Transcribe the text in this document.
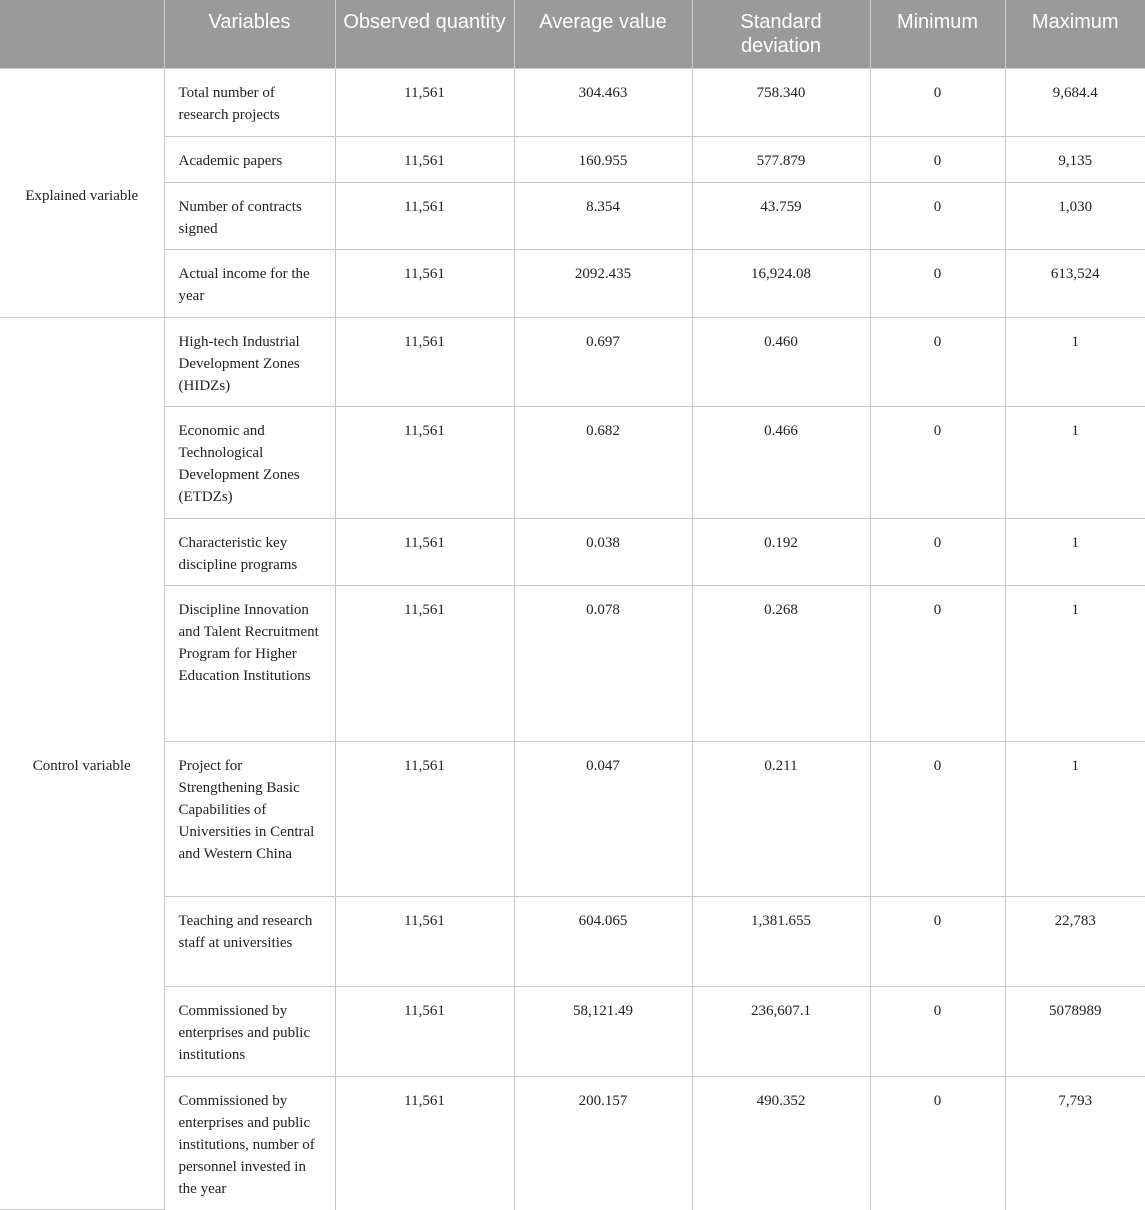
	Variables	Observed quantity	Average value	Standard deviation	Minimum	Maximum
Explained variable	Total number of research projects	11,561	304.463	758.340	0	9,684.4
	Academic papers	11,561	160.955	577.879	0	9,135
	Number of contracts signed	11,561	8.354	43.759	0	1,030
	Actual income for the year	11,561	2092.435	16,924.08	0	613,524
Control variable	High-tech Industrial Development Zones (HIDZs)	11,561	0.697	0.460	0	1
	Economic and Technological Development Zones (ETDZs)	11,561	0.682	0.466	0	1
	Characteristic key discipline programs	11,561	0.038	0.192	0	1
	Discipline Innovation and Talent Recruitment Program for Higher Education Institutions	11,561	0.078	0.268	0	1
	Project for Strengthening Basic Capabilities of Universities in Central and Western China	11,561	0.047	0.211	0	1
	Teaching and research staff at universities	11,561	604.065	1,381.655	0	22,783
	Commissioned by enterprises and public institutions	11,561	58,121.49	236,607.1	0	5078989
	Commissioned by enterprises and public institutions, number of personnel invested in the year	11,561	200.157	490.352	0	7,793
